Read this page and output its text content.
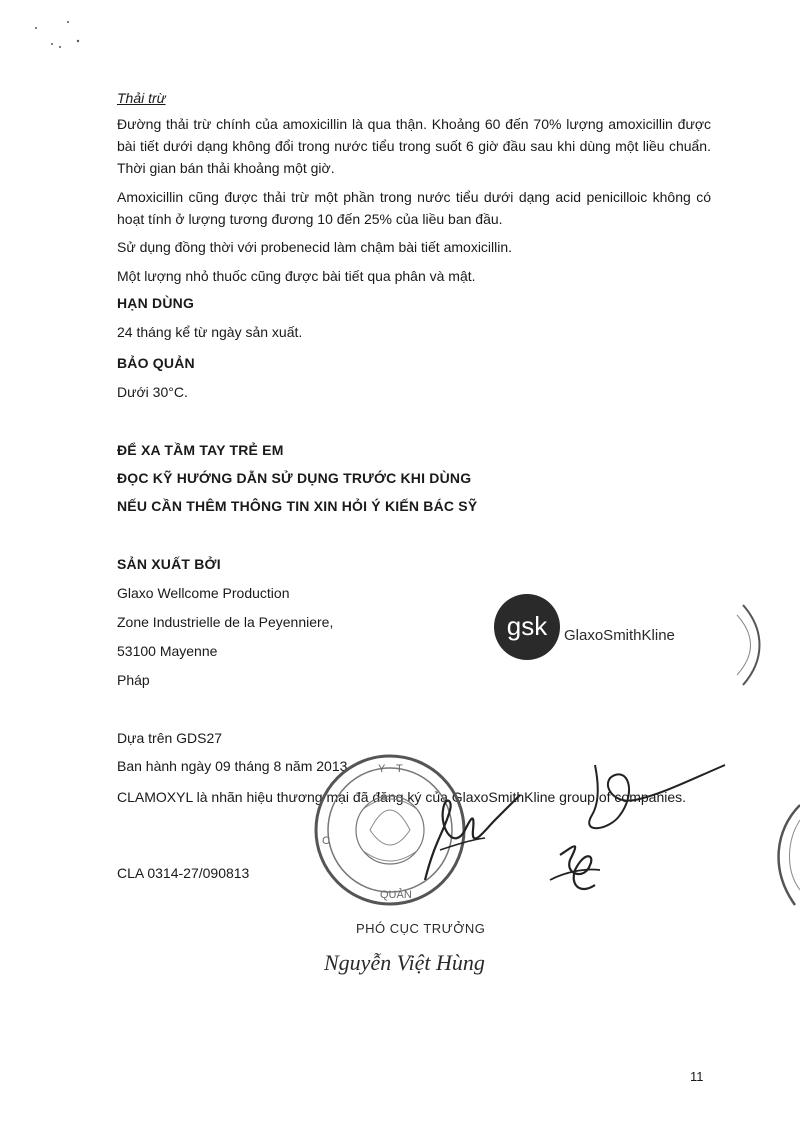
Thải trừ

Đường thải trừ chính của amoxicillin là qua thận. Khoảng 60 đến 70% lượng amoxicillin được bài tiết dưới dạng không đổi trong nước tiểu trong suốt 6 giờ đầu sau khi dùng một liều chuẩn. Thời gian bán thải khoảng một giờ.

Amoxicillin cũng được thải trừ một phần trong nước tiểu dưới dạng acid penicilloic không có hoạt tính ở lượng tương đương 10 đến 25% của liều ban đầu.

Sử dụng đồng thời với probenecid làm chậm bài tiết amoxicillin.

Một lượng nhỏ thuốc cũng được bài tiết qua phân và mật.

HẠN DÙNG

24 tháng kể từ ngày sản xuất.

BẢO QUẢN

Dưới 30°C.

ĐỂ XA TẦM TAY TRẺ EM

ĐỌC KỸ HƯỚNG DẪN SỬ DỤNG TRƯỚC KHI DÙNG

NẾU CẦN THÊM THÔNG TIN XIN HỎI Ý KIẾN BÁC SỸ

SẢN XUẤT BỞI

Glaxo Wellcome Production

Zone Industrielle de la Peyenniere,

53100 Mayenne

Pháp

gsk GlaxoSmithKline

Dựa trên GDS27

Ban hành ngày 09 tháng 8 năm 2013

CLAMOXYL là nhãn hiệu thương mại đã đăng ký của GlaxoSmithKline group of companies.

CLA 0314-27/090813

Y T
C
QUẢN

PHÓ CỤC TRƯỞNG

Nguyễn Việt Hùng

11
